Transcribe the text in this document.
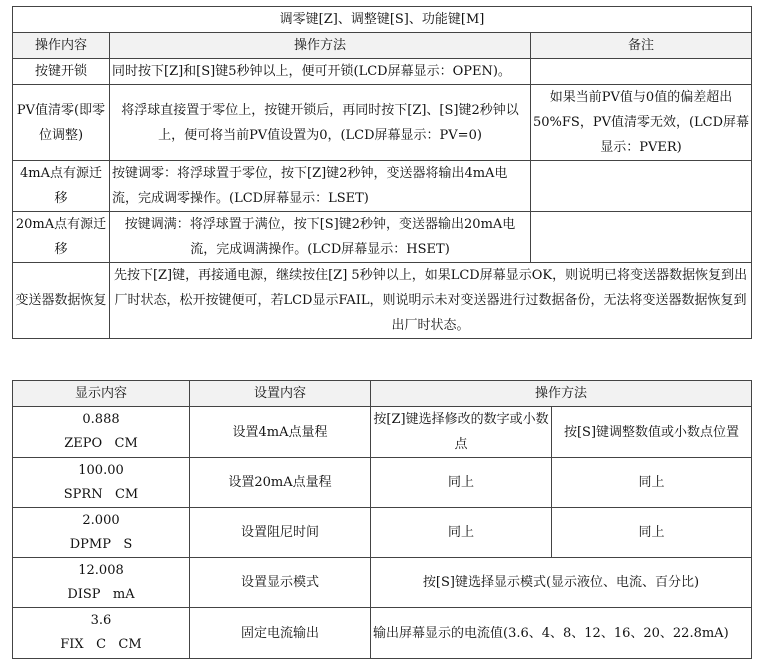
调零键[Z]、调整键[S]、功能键[M]		
操作内容	操作方法	备注
按键开锁	同时按下[Z]和[S]键5秒钟以上，便可开锁(LCD屏幕显示：OPEN)。	
PV值清零(即零位调整)	将浮球直接置于零位上，按键开锁后，再同时按下[Z]、[S]键2秒钟以上，便可将当前PV值设置为0，(LCD屏幕显示：PV=0)	如果当前PV值与0值的偏差超出50%FS，PV值清零无效，(LCD屏幕显示：PVER)
4mA点有源迁移	按键调零：将浮球置于零位，按下[Z]键2秒钟，变送器将输出4mA电流，完成调零操作。(LCD屏幕显示：LSET)	
20mA点有源迁移	按键调满：将浮球置于满位，按下[S]键2秒钟，变送器输出20mA电流，完成调满操作。(LCD屏幕显示：HSET)	
变送器数据恢复	先按下[Z]键，再接通电源，继续按住[Z] 5秒钟以上，如果LCD屏幕显示OK，则说明已将变送器数据恢复到出厂时状态，松开按键便可，若LCD显示FAIL，则说明示未对变送器进行过数据备份，无法将变送器数据恢复到出厂时状态。	
显示内容	设置内容	操作方法	

0.888
ZEPO   CM	设置4mA点量程	按[Z]键选择修改的数字或小数点	按[S]键调整数值或小数点位置

100.00
SPRN   CM	设置20mA点量程	同上	同上

2.000
DPMP   S	设置阻尼时间	同上	同上

12.008
DISP   mA	设置显示模式	按[S]键选择显示模式(显示液位、电流、百分比)	

3.6
FIX   C   CM	固定电流输出	输出屏幕显示的电流值(3.6、4、8、12、16、20、22.8mA)	
